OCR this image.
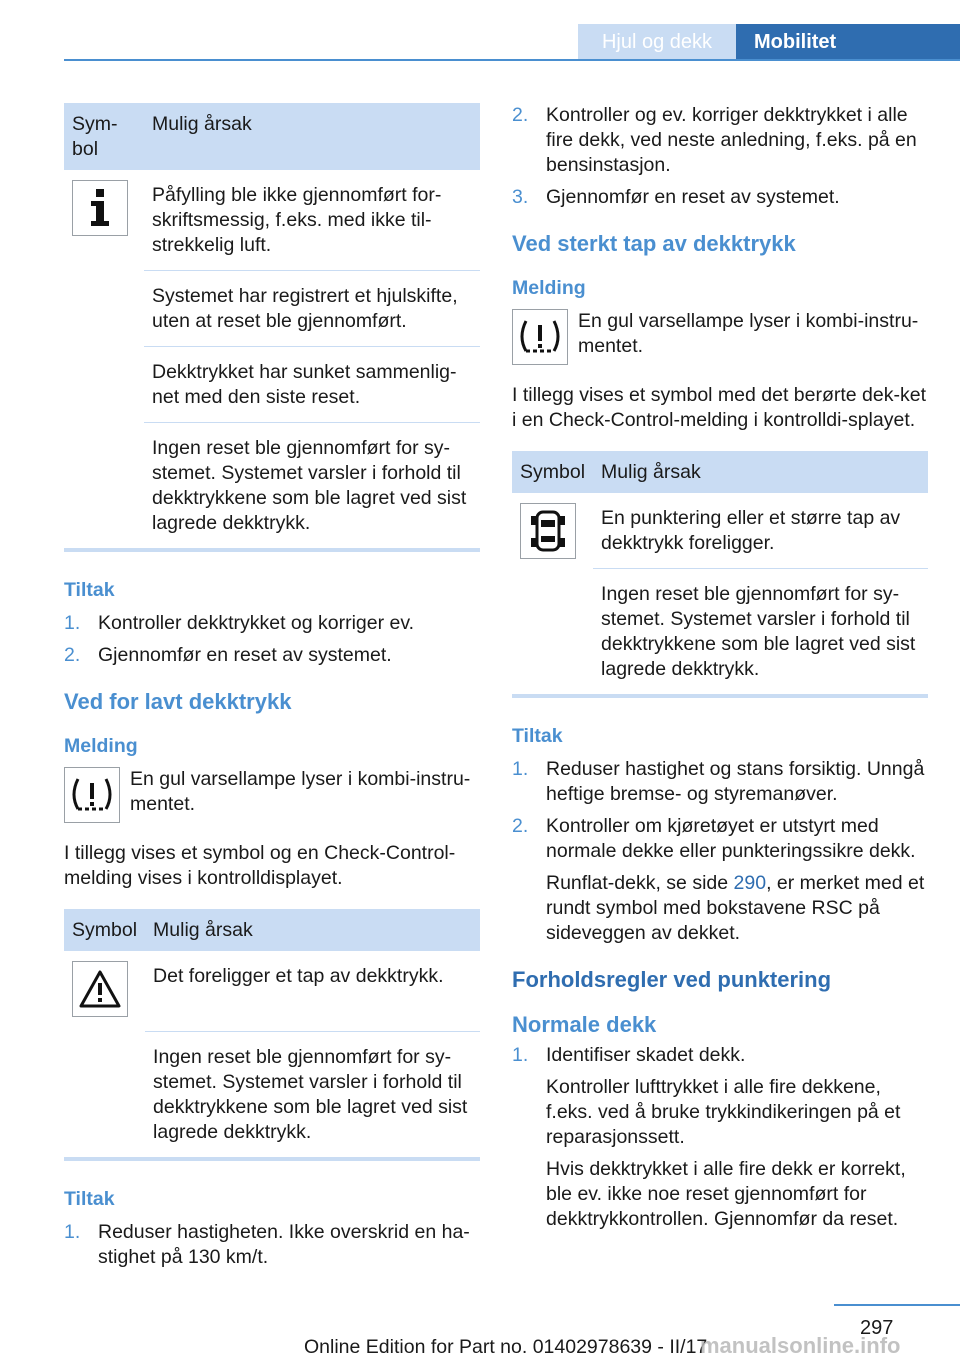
Hjul og dekk	Mobilitet
Sym-bol	Mulig årsak

	Påfylling ble ikke gjennomført for-skriftsmessig, f.eks. med ikke til-strekkelig luft.
	Systemet har registrert et hjulskifte, uten at reset ble gjennomført.
	Dekktrykket har sunket sammenlig-net med den siste reset.
	Ingen reset ble gjennomført for sy-stemet. Systemet varsler i forhold til dekktrykkene som ble lagret ved sist lagrede dekktrykk.
Tiltak
1. Kontroller dekktrykket og korriger ev.
2. Gjennomfør en reset av systemet.
Ved for lavt dekktrykk
Melding
En gul varsellampe lyser i kombi-instru-mentet.

I tillegg vises et symbol og en Check-Control-melding vises i kontrolldisplayet.

Symbol	Mulig årsak

	Det foreligger et tap av dekktrykk.
	Ingen reset ble gjennomført for sy-stemet. Systemet varsler i forhold til dekktrykkene som ble lagret ved sist lagrede dekktrykk.
Tiltak
1. Reduser hastigheten. Ikke overskrid en ha-stighet på 130 km/t.
2. Kontroller og ev. korriger dekktrykket i alle fire dekk, ved neste anledning, f.eks. på en bensinstasjon.
3. Gjennomfør en reset av systemet.
Ved sterkt tap av dekktrykk
Melding
En gul varsellampe lyser i kombi-instru-mentet.

I tillegg vises et symbol med det berørte dek-ket i en Check-Control-melding i kontrolldi-splayet.

Symbol	Mulig årsak

	En punktering eller et større tap av dekktrykk foreligger.
	Ingen reset ble gjennomført for sy-stemet. Systemet varsler i forhold til dekktrykkene som ble lagret ved sist lagrede dekktrykk.
Tiltak
1. Reduser hastighet og stans forsiktig. Unngå heftige bremse- og styremanøver.
2. Kontroller om kjøretøyet er utstyrt med normale dekke eller punkteringssikre dekk.

Runflat-dekk, se side 290, er merket med et rundt symbol med bokstavene RSC på sideveggen av dekket.

Forholdsregler ved punktering
Normale dekk
1. Identifiser skadet dekk.

Kontroller lufttrykket i alle fire dekkene, f.eks. ved å bruke trykkindikeringen på et reparasjonssett.

Hvis dekktrykket i alle fire dekk er korrekt, ble ev. ikke noe reset gjennomført for dekktrykkontrollen. Gjennomfør da reset.

297
Online Edition for Part no. 01402978639 - II/17
manualsonline.info
